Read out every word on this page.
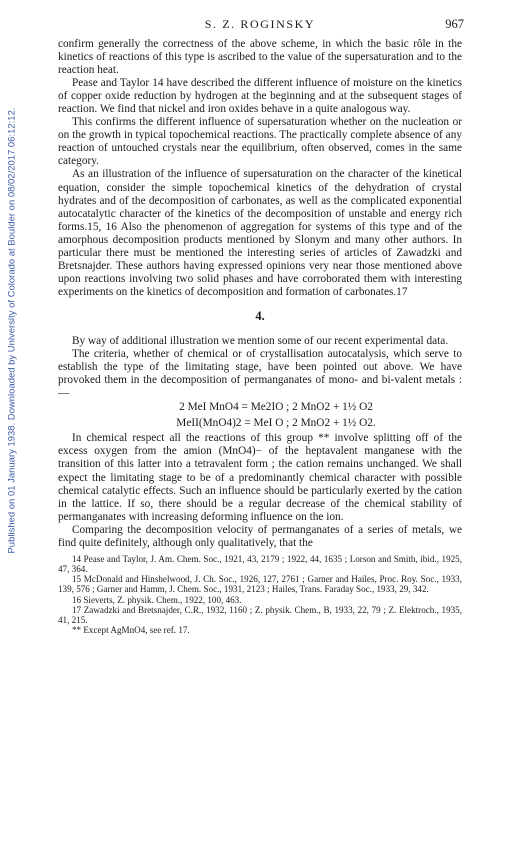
Published on 01 January 1938. Downloaded by University of Colorado at Boulder on 08/02/2017 06:12:12.
S. Z. ROGINSKY	967

confirm generally the correctness of the above scheme, in which the basic rôle in the kinetics of reactions of this type is ascribed to the value of the supersaturation and to the reaction heat.

Pease and Taylor 14 have described the different influence of moisture on the kinetics of copper oxide reduction by hydrogen at the beginning and at the subsequent stages of reaction. We find that nickel and iron oxides behave in a quite analogous way.

This confirms the different influence of supersaturation whether on the nucleation or on the growth in typical topochemical reactions. The practically complete absence of any reaction of untouched crystals near the equilibrium, often observed, comes in the same category.

As an illustration of the influence of supersaturation on the character of the kinetical equation, consider the simple topochemical kinetics of the dehydration of crystal hydrates and of the decomposition of carbonates, as well as the complicated exponential autocatalytic character of the kinetics of the decomposition of unstable and energy rich forms.15, 16 Also the phenomenon of aggregation for systems of this type and of the amorphous decomposition products mentioned by Slonym and many other authors. In particular there must be mentioned the interesting series of articles of Zawadzki and Bretsnajder. These authors having expressed opinions very near those mentioned above upon reactions involving two solid phases and have corroborated them with interesting experiments on the kinetics of decomposition and formation of carbonates.17

4.

By way of additional illustration we mention some of our recent experimental data.

The criteria, whether of chemical or of crystallisation autocatalysis, which serve to establish the type of the limitating stage, have been pointed out above. We have provoked them in the decomposition of permanganates of mono- and bi-valent metals :—

2 MeI MnO4 = Me2IO ; 2 MnO2 + 1½ O2
MeII(MnO4)2 = MeI O ; 2 MnO2 + 1½ O2.

In chemical respect all the reactions of this group ** involve splitting off of the excess oxygen from the amion (MnO4)− of the heptavalent manganese with the transition of this latter into a tetravalent form ; the cation remains unchanged. We shall expect the limitating stage to be of a predominantly chemical character with possible chemical catalytic effects. Such an influence should be particularly exerted by the cation in the lattice. If so, there should be a regular decrease of the chemical stability of permanganates with increasing deforming influence on the ion.

Comparing the decomposition velocity of permanganates of a series of metals, we find quite definitely, although only qualitatively, that the

14 Pease and Taylor, J. Am. Chem. Soc., 1921, 43, 2179 ; 1922, 44, 1635 ; Lorson and Smith, ibid., 1925, 47, 364.

15 McDonald and Hinshelwood, J. Ch. Soc., 1926, 127, 2761 ; Garner and Hailes, Proc. Roy. Soc., 1933, 139, 576 ; Garner and Hamm, J. Chem. Soc., 1931, 2123 ; Hailes, Trans. Faraday Soc., 1933, 29, 342.

16 Sieverts, Z. physik. Chem., 1922, 100, 463.

17 Zawadzki and Bretsnajder, C.R., 1932, 1160 ; Z. physik. Chem., B, 1933, 22, 79 ; Z. Elektroch., 1935, 41, 215.

** Except AgMnO4, see ref. 17.
